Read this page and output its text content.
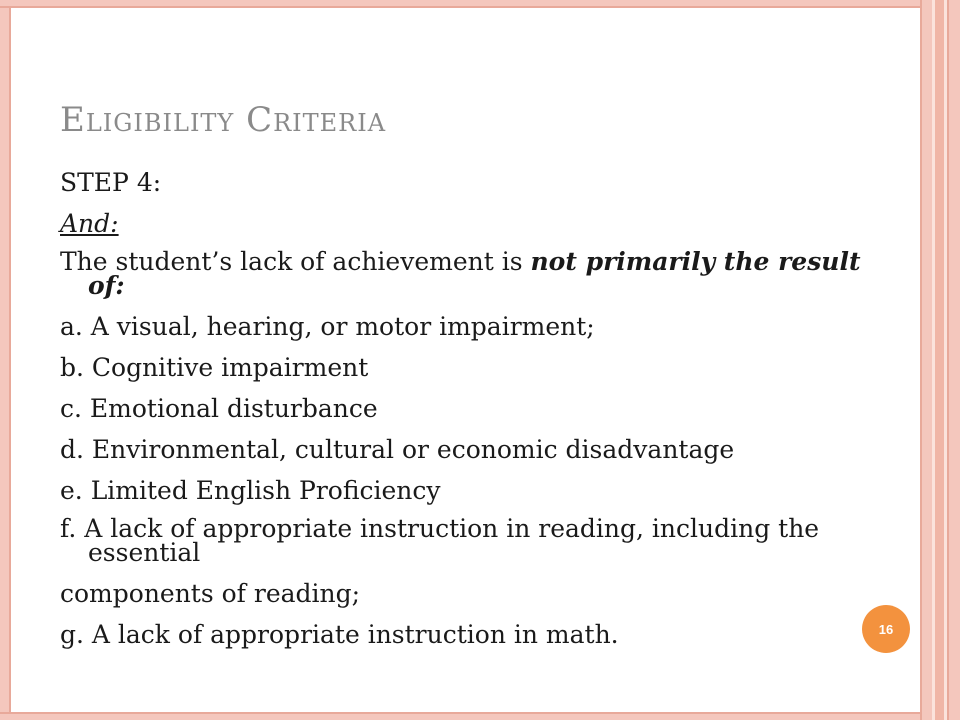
Eligibility Criteria
STEP 4:
And:
The student’s lack of achievement is not primarily the result of:
a. A visual, hearing, or motor impairment;
b. Cognitive impairment
c. Emotional disturbance
d. Environmental, cultural or economic disadvantage
e. Limited English Proficiency
f. A lack of appropriate instruction in reading, including the essential
components of reading;
g. A lack of appropriate instruction in math.	16
